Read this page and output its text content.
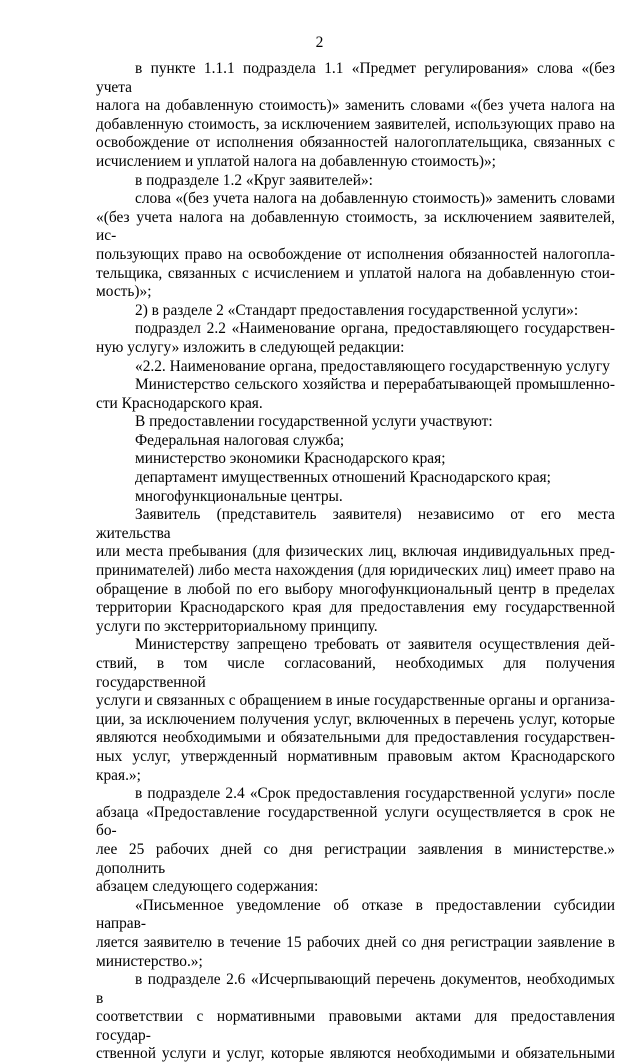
2

в пункте 1.1.1 подраздела 1.1 «Предмет регулирования» слова «(без учета

налога на добавленную стоимость)» заменить словами «(без учета налога на

добавленную стоимость, за исключением заявителей, использующих право на

освобождение от исполнения обязанностей налогоплательщика, связанных с

исчислением и уплатой налога на добавленную стоимость)»;

в подразделе 1.2 «Круг заявителей»:

слова «(без учета налога на добавленную стоимость)» заменить словами

«(без учета налога на добавленную стоимость, за исключением заявителей, ис-

пользующих право на освобождение от исполнения обязанностей налогопла-

тельщика, связанных с исчислением и уплатой налога на добавленную стои-

мость)»;

2) в разделе 2 «Стандарт предоставления государственной услуги»:

подраздел 2.2 «Наименование органа, предоставляющего государствен-

ную услугу» изложить в следующей редакции:

«2.2. Наименование органа, предоставляющего государственную услугу

Министерство сельского хозяйства и перерабатывающей промышленно-

сти Краснодарского края.

В предоставлении государственной услуги участвуют:

Федеральная налоговая служба;

министерство экономики Краснодарского края;

департамент имущественных отношений Краснодарского края;

многофункциональные центры.

Заявитель (представитель заявителя) независимо от его места жительства

или места пребывания (для физических лиц, включая индивидуальных пред-

принимателей) либо места нахождения (для юридических лиц) имеет право на

обращение в любой по его выбору многофункциональный центр в пределах

территории Краснодарского края для предоставления ему государственной

услуги по экстерриториальному принципу.

Министерству запрещено требовать от заявителя осуществления дей-

ствий, в том числе согласований, необходимых для получения государственной

услуги и связанных с обращением в иные государственные органы и организа-

ции, за исключением получения услуг, включенных в перечень услуг, которые

являются необходимыми и обязательными для предоставления государствен-

ных услуг, утвержденный нормативным правовым актом Краснодарского

края.»;

в подразделе 2.4 «Срок предоставления государственной услуги» после

абзаца «Предоставление государственной услуги осуществляется в срок не бо-

лее 25 рабочих дней со дня регистрации заявления в министерстве.» дополнить

абзацем следующего содержания:

«Письменное уведомление об отказе в предоставлении субсидии направ-

ляется заявителю в течение 15 рабочих дней со дня регистрации заявление в

министерство.»;

в подразделе 2.6 «Исчерпывающий перечень документов, необходимых в

соответствии с нормативными правовыми актами для предоставления государ-

ственной услуги и услуг, которые являются необходимыми и обязательными
